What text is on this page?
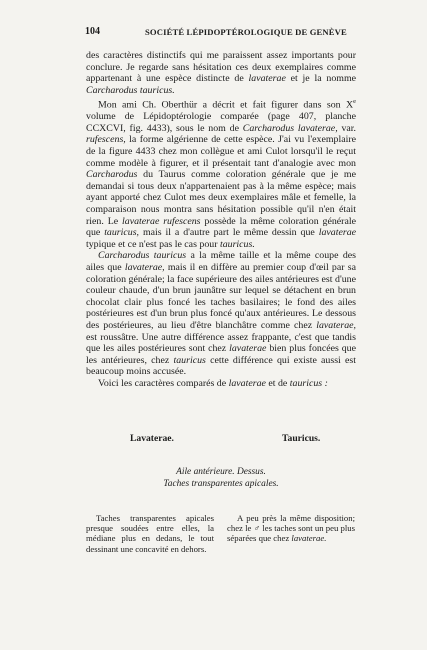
104	SOCIÉTÉ LÉPIDOPTÉROLOGIQUE DE GENÈVE

des caractères distinctifs qui me paraissent assez importants pour conclure. Je regarde sans hésitation ces deux exemplaires comme appartenant à une espèce distincte de lavaterae et je la nomme Carcharodus tauricus.

Mon ami Ch. Oberthür a décrit et fait figurer dans son Xe volume de Lépidoptérologie comparée (page 407, planche CCXCVI, fig. 4433), sous le nom de Carcharodus lavaterae, var. rufescens, la forme algérienne de cette espèce. J'ai vu l'exemplaire de la figure 4433 chez mon collègue et ami Culot lorsqu'il le reçut comme modèle à figurer, et il présentait tant d'analogie avec mon Carcharodus du Taurus comme coloration générale que je me demandai si tous deux n'appartenaient pas à la même espèce; mais ayant apporté chez Culot mes deux exemplaires mâle et femelle, la comparaison nous montra sans hésitation possible qu'il n'en était rien. Le lavaterae rufescens possède la même coloration générale que tauricus, mais il a d'autre part le même dessin que lavaterae typique et ce n'est pas le cas pour tauricus.

Carcharodus tauricus a la même taille et la même coupe des ailes que lavaterae, mais il en diffère au premier coup d'œil par sa coloration générale; la face supérieure des ailes antérieures est d'une couleur chaude, d'un brun jaunâtre sur lequel se détachent en brun chocolat clair plus foncé les taches basilaires; le fond des ailes postérieures est d'un brun plus foncé qu'aux antérieures. Le dessous des postérieures, au lieu d'être blanchâtre comme chez lavaterae, est roussâtre. Une autre différence assez frappante, c'est que tandis que les ailes postérieures sont chez lavaterae bien plus foncées que les antérieures, chez tauricus cette différence qui existe aussi est beaucoup moins accusée.

Voici les caractères comparés de lavaterae et de tauricus :

Lavaterae.	Tauricus.
Aile antérieure. Dessus.
Taches transparentes apicales.

Taches transparentes apicales presque soudées entre elles, la médiane plus en dedans, le tout dessinant une concavité en dehors.

A peu près la même disposition; chez le ♂ les taches sont un peu plus séparées que chez lavaterae.
